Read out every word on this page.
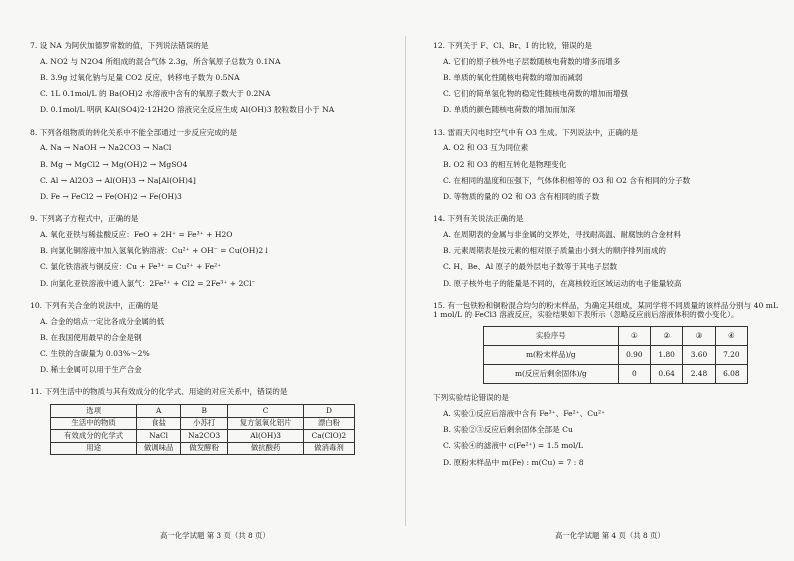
7. 设 NA 为阿伏加德罗常数的值，下列说法错误的是

A. NO2 与 N2O4 所组成的混合气体 2.3g，所含氧原子总数为 0.1NA

B. 3.9g 过氧化钠与足量 CO2 反应，转移电子数为 0.5NA

C. 1L 0.1mol/L 的 Ba(OH)2 水溶液中含有的氧原子数大于 0.2NA

D. 0.1mol/L 明矾 KAl(SO4)2·12H2O 溶液完全反应生成 Al(OH)3 胶粒数目小于 NA

8. 下列各组物质的转化关系中不能全部通过一步反应完成的是

A. Na → NaOH → Na2CO3 → NaCl

B. Mg → MgCl2 → Mg(OH)2 → MgSO4

C. Al → Al2O3 → Al(OH)3 → Na[Al(OH)4]

D. Fe → FeCl2 → Fe(OH)2 → Fe(OH)3

9. 下列离子方程式中，正确的是

A. 氧化亚铁与稀盐酸反应：FeO + 2H⁺ = Fe³⁺ + H2O

B. 向氯化铜溶液中加入氢氧化钠溶液：Cu²⁺ + OH⁻ = Cu(OH)2↓

C. 氯化铁溶液与铜反应：Cu + Fe³⁺ = Cu²⁺ + Fe²⁺

D. 向氯化亚铁溶液中通入氯气：2Fe²⁺ + Cl2 = 2Fe³⁺ + 2Cl⁻

10. 下列有关合金的说法中，正确的是

A. 合金的熔点一定比各成分金属的低

B. 在我国使用最早的合金是钢

C. 生铁的含碳量为 0.03%～2%

D. 稀土金属可以用于生产合金

11. 下列生活中的物质与其有效成分的化学式、用途的对应关系中，错误的是

选项	A	B	C	D
生活中的物质	食盐	小苏打	复方氢氧化铝片	漂白粉
有效成分的化学式	NaCl	Na2CO3	Al(OH)3	Ca(ClO)2
用途	做调味品	做发酵粉	做抗酸药	做消毒剂

12. 下列关于 F、Cl、Br、I 的比较，错误的是

A. 它们的原子核外电子层数随核电荷数的增多而增多

B. 单质的氧化性随核电荷数的增加而减弱

C. 它们的简单氢化物的稳定性随核电荷数的增加而增强

D. 单质的颜色随核电荷数的增加而加深

13. 雷雨天闪电时空气中有 O3 生成。下列说法中，正确的是

A. O2 和 O3 互为同位素

B. O2 和 O3 的相互转化是物理变化

C. 在相同的温度和压强下，气体体积相等的 O3 和 O2 含有相同的分子数

D. 等物质的量的 O2 和 O3 含有相同的质子数

14. 下列有关说法正确的是

A. 在周期表的金属与非金属的交界处，寻找耐高温、耐腐蚀的合金材料

B. 元素周期表是按元素的相对原子质量由小到大的顺序排列而成的

C. H、Be、Al 原子的最外层电子数等于其电子层数

D. 原子核外电子的能量是不同的，在离核较近区域运动的电子能量较高

15. 有一包铁粉和铜粉混合均匀的粉末样品，为确定其组成，某同学将不同质量的该样品分别与 40 mL 1 mol/L 的 FeCl3 溶液反应，实验结果如下表所示（忽略反应前后溶液体积的微小变化）。

实验序号	①	②	③	④
m(粉末样品)/g	0.90	1.80	3.60	7.20
m(反应后剩余固体)/g	0	0.64	2.48	6.08

下列实验结论错误的是

A. 实验①反应后溶液中含有 Fe³⁺、Fe²⁺、Cu²⁺

B. 实验②③反应后剩余固体全部是 Cu

C. 实验④的滤液中 c(Fe²⁺) = 1.5 mol/L

D. 原粉末样品中 m(Fe) : m(Cu) = 7 : 8

高一化学试题 第 3 页（共 8 页）	高一化学试题 第 4 页（共 8 页）
